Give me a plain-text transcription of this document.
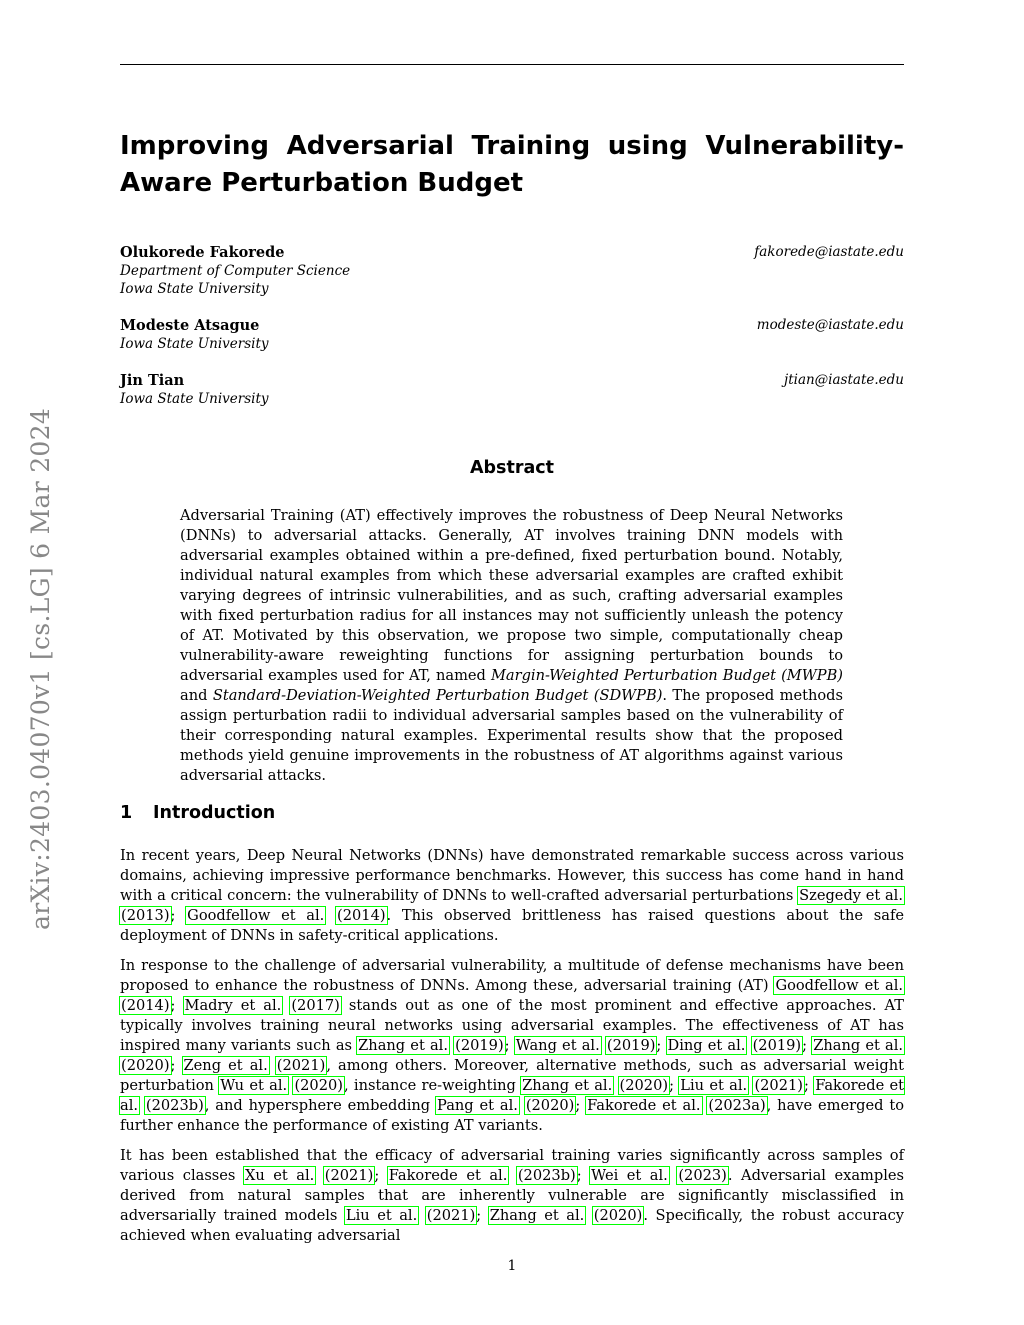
arXiv:2403.04070v1 [cs.LG] 6 Mar 2024
Improving Adversarial Training using Vulnerability-Aware Perturbation Budget
Olukorede Fakorede	fakorede@iastate.edu
Department of Computer Science
Iowa State University
Modeste Atsague	modeste@iastate.edu
Iowa State University
Jin Tian	jtian@iastate.edu
Iowa State University
Abstract
Adversarial Training (AT) effectively improves the robustness of Deep Neural Networks (DNNs) to adversarial attacks. Generally, AT involves training DNN models with adversarial examples obtained within a pre-defined, fixed perturbation bound. Notably, individual natural examples from which these adversarial examples are crafted exhibit varying degrees of intrinsic vulnerabilities, and as such, crafting adversarial examples with fixed perturbation radius for all instances may not sufficiently unleash the potency of AT. Motivated by this observation, we propose two simple, computationally cheap vulnerability-aware reweighting functions for assigning perturbation bounds to adversarial examples used for AT, named Margin-Weighted Perturbation Budget (MWPB) and Standard-Deviation-Weighted Perturbation Budget (SDWPB). The proposed methods assign perturbation radii to individual adversarial samples based on the vulnerability of their corresponding natural examples. Experimental results show that the proposed methods yield genuine improvements in the robustness of AT algorithms against various adversarial attacks.
1 Introduction

In recent years, Deep Neural Networks (DNNs) have demonstrated remarkable success across various domains, achieving impressive performance benchmarks. However, this success has come hand in hand with a critical concern: the vulnerability of DNNs to well-crafted adversarial perturbations Szegedy et al. (2013); Goodfellow et al. (2014). This observed brittleness has raised questions about the safe deployment of DNNs in safety-critical applications.

In response to the challenge of adversarial vulnerability, a multitude of defense mechanisms have been proposed to enhance the robustness of DNNs. Among these, adversarial training (AT) Goodfellow et al. (2014); Madry et al. (2017) stands out as one of the most prominent and effective approaches. AT typically involves training neural networks using adversarial examples. The effectiveness of AT has inspired many variants such as Zhang et al. (2019); Wang et al. (2019); Ding et al. (2019); Zhang et al. (2020); Zeng et al. (2021), among others. Moreover, alternative methods, such as adversarial weight perturbation Wu et al. (2020), instance re-weighting Zhang et al. (2020); Liu et al. (2021); Fakorede et al. (2023b), and hypersphere embedding Pang et al. (2020); Fakorede et al. (2023a), have emerged to further enhance the performance of existing AT variants.

It has been established that the efficacy of adversarial training varies significantly across samples of various classes Xu et al. (2021); Fakorede et al. (2023b); Wei et al. (2023). Adversarial examples derived from natural samples that are inherently vulnerable are significantly misclassified in adversarially trained models Liu et al. (2021); Zhang et al. (2020). Specifically, the robust accuracy achieved when evaluating adversarial

1
